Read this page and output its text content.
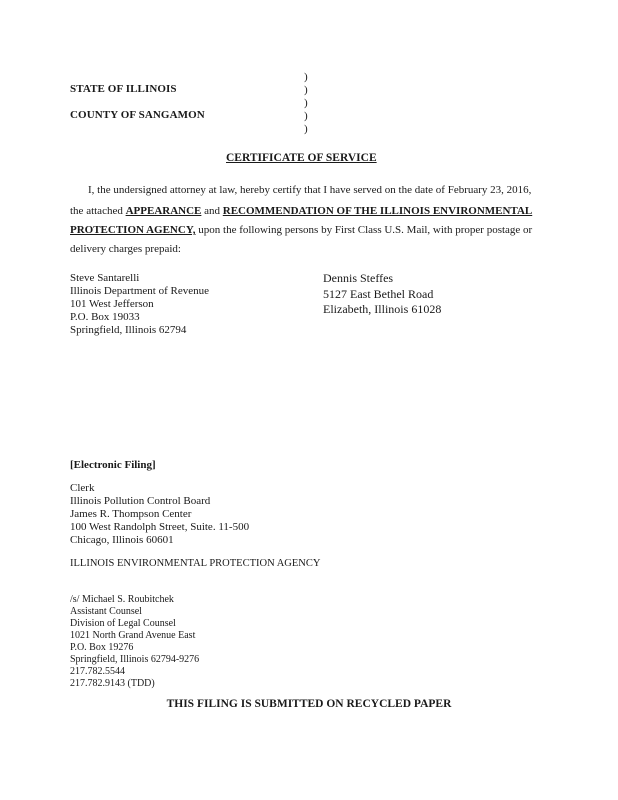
STATE OF ILLINOIS
COUNTY OF SANGAMON
)
)
)
)
)
CERTIFICATE OF SERVICE
I, the undersigned attorney at law, hereby certify that I have served on the date of February 23, 2016,
the attached APPEARANCE and RECOMMENDATION OF THE ILLINOIS ENVIRONMENTAL
PROTECTION AGENCY, upon the following persons by First Class U.S. Mail, with proper postage or
delivery charges prepaid:
Steve Santarelli
Illinois Department of Revenue
101 West Jefferson
P.O. Box 19033
Springfield, Illinois 62794
Dennis Steffes
5127 East Bethel Road
Elizabeth, Illinois 61028
[Electronic Filing]
Clerk
Illinois Pollution Control Board
James R. Thompson Center
100 West Randolph Street, Suite. 11-500
Chicago, Illinois 60601
ILLINOIS ENVIRONMENTAL PROTECTION AGENCY
/s/ Michael S. Roubitchek
Assistant Counsel
Division of Legal Counsel
1021 North Grand Avenue East
P.O. Box 19276
Springfield, Illinois 62794-9276
217.782.5544
217.782.9143 (TDD)
THIS FILING IS SUBMITTED ON RECYCLED PAPER
